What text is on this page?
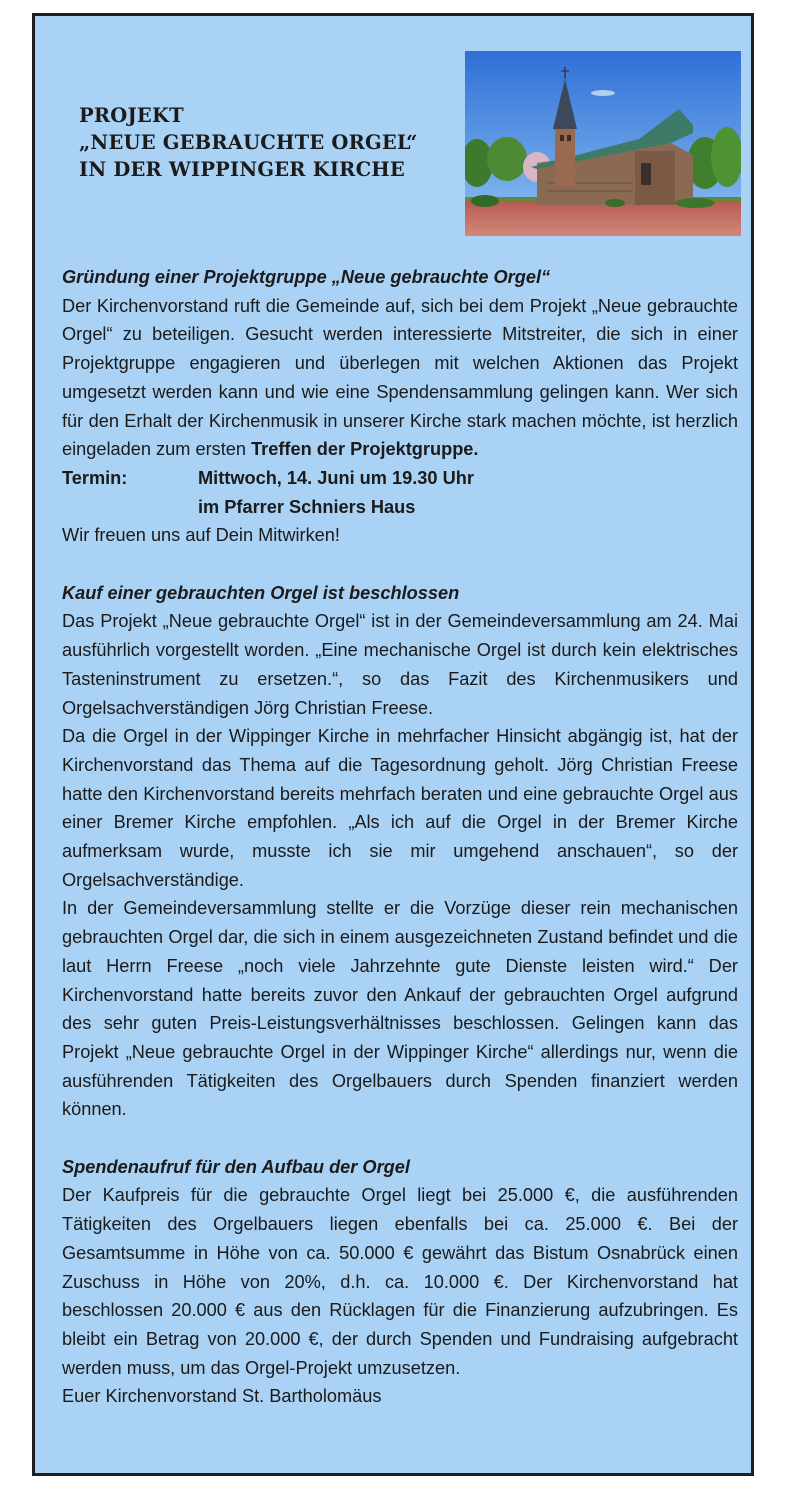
PROJEKT
„NEUE GEBRAUCHTE ORGEL“
IN DER WIPPINGER KIRCHE

Gründung einer Projektgruppe „Neue gebrauchte Orgel“

Der Kirchenvorstand ruft die Gemeinde auf, sich bei dem Projekt „Neue gebrauchte Orgel“ zu beteiligen. Gesucht werden interessierte Mitstreiter, die sich in einer Projektgruppe engagieren und überlegen mit welchen Aktionen das Projekt umgesetzt werden kann und wie eine Spendensammlung gelingen kann. Wer sich für den Erhalt der Kirchenmusik in unserer Kirche stark machen möchte, ist herzlich eingeladen zum ersten Treffen der Projektgruppe.

Termin:	Mittwoch, 14. Juni um 19.30 Uhr
im Pfarrer Schniers Haus

Wir freuen uns auf Dein Mitwirken!

Kauf einer gebrauchten Orgel ist beschlossen

Das Projekt „Neue gebrauchte Orgel“ ist in der Gemeindeversammlung am 24. Mai ausführlich vorgestellt worden. „Eine mechanische Orgel ist durch kein elektrisches Tasteninstrument zu ersetzen.“, so das Fazit des Kirchenmusikers und Orgelsachverständigen Jörg Christian Freese.

Da die Orgel in der Wippinger Kirche in mehrfacher Hinsicht abgängig ist, hat der Kirchenvorstand das Thema auf die Tagesordnung geholt. Jörg Christian Freese hatte den Kirchenvorstand bereits mehrfach beraten und eine gebrauchte Orgel aus einer Bremer Kirche empfohlen. „Als ich auf die Orgel in der Bremer Kirche aufmerksam wurde, musste ich sie mir umgehend anschauen“, so der Orgelsachverständige.

In der Gemeindeversammlung stellte er die Vorzüge dieser rein mechanischen gebrauchten Orgel dar, die sich in einem ausgezeichneten Zustand befindet und die laut Herrn Freese „noch viele Jahrzehnte gute Dienste leisten wird.“ Der Kirchenvorstand hatte bereits zuvor den Ankauf der gebrauchten Orgel aufgrund des sehr guten Preis-Leistungsverhältnisses beschlossen. Gelingen kann das Projekt „Neue gebrauchte Orgel in der Wippinger Kirche“ allerdings nur, wenn die ausführenden Tätigkeiten des Orgelbauers durch Spenden finanziert werden können.

Spendenaufruf für den Aufbau der Orgel

Der Kaufpreis für die gebrauchte Orgel liegt bei 25.000 €, die ausführenden Tätigkeiten des Orgelbauers liegen ebenfalls bei ca. 25.000 €. Bei der Gesamtsumme in Höhe von ca. 50.000 € gewährt das Bistum Osnabrück einen Zuschuss in Höhe von 20%, d.h. ca. 10.000 €. Der Kirchenvorstand hat beschlossen 20.000 € aus den Rücklagen für die Finanzierung aufzubringen. Es bleibt ein Betrag von 20.000 €, der durch Spenden und Fundraising aufgebracht werden muss, um das Orgel-Projekt umzusetzen.

Euer Kirchenvorstand St. Bartholomäus
